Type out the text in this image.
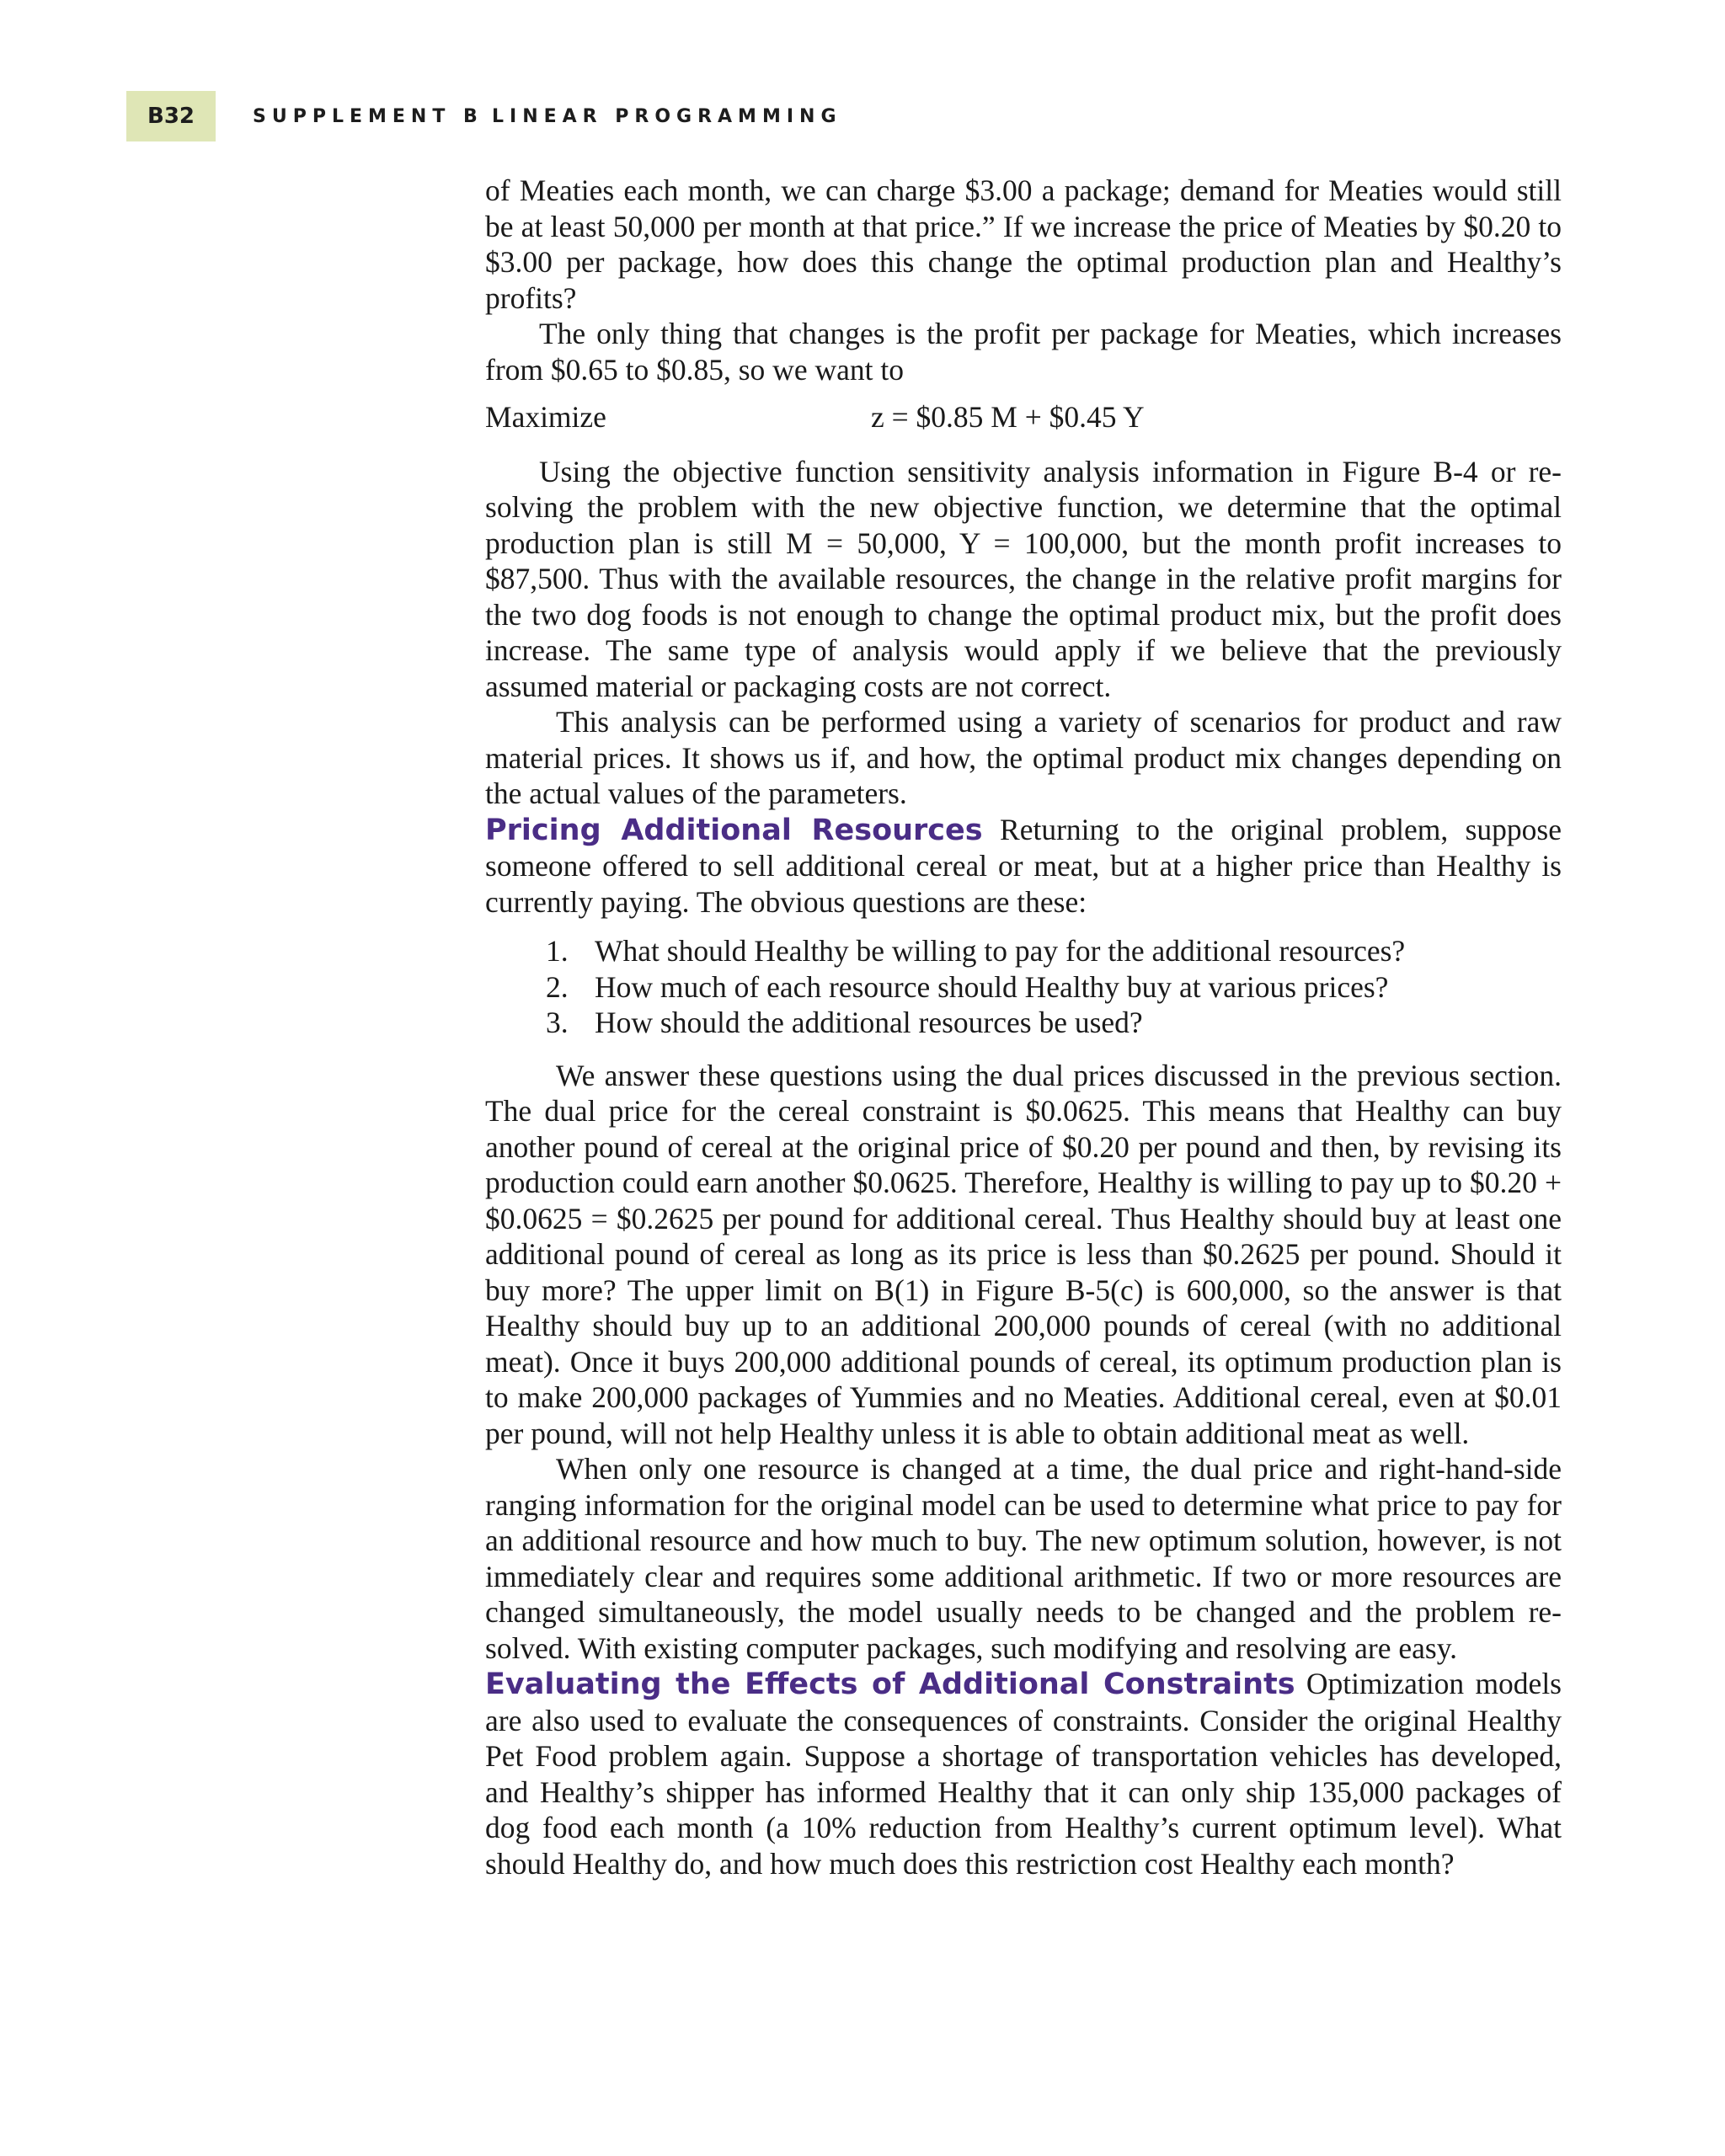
B32	SUPPLEMENT B LINEAR PROGRAMMING

of Meaties each month, we can charge $3.00 a package; demand for Meaties would still be at least 50,000 per month at that price.” If we increase the price of Meaties by $0.20 to $3.00 per package, how does this change the optimal production plan and Healthy’s profits?

The only thing that changes is the profit per package for Meaties, which increases from $0.65 to $0.85, so we want to

Maximize	z = $0.85 M + $0.45 Y

Using the objective function sensitivity analysis information in Figure B-4 or re-solving the problem with the new objective function, we determine that the optimal production plan is still M = 50,000, Y = 100,000, but the month profit increases to $87,500. Thus with the available resources, the change in the relative profit margins for the two dog foods is not enough to change the optimal product mix, but the profit does increase. The same type of analysis would apply if we believe that the previously assumed material or packaging costs are not correct.

This analysis can be performed using a variety of scenarios for product and raw material prices. It shows us if, and how, the optimal product mix changes depending on the actual values of the parameters.

Pricing Additional Resources Returning to the original problem, suppose someone offered to sell additional cereal or meat, but at a higher price than Healthy is currently paying. The obvious questions are these:

1. What should Healthy be willing to pay for the additional resources?
2. How much of each resource should Healthy buy at various prices?
3. How should the additional resources be used?

We answer these questions using the dual prices discussed in the previous section. The dual price for the cereal constraint is $0.0625. This means that Healthy can buy another pound of cereal at the original price of $0.20 per pound and then, by revising its production could earn another $0.0625. Therefore, Healthy is willing to pay up to $0.20 + $0.0625 = $0.2625 per pound for additional cereal. Thus Healthy should buy at least one additional pound of cereal as long as its price is less than $0.2625 per pound. Should it buy more? The upper limit on B(1) in Figure B-5(c) is 600,000, so the answer is that Healthy should buy up to an additional 200,000 pounds of cereal (with no additional meat). Once it buys 200,000 additional pounds of cereal, its optimum production plan is to make 200,000 packages of Yummies and no Meaties. Additional cereal, even at $0.01 per pound, will not help Healthy unless it is able to obtain additional meat as well.

When only one resource is changed at a time, the dual price and right-hand-side ranging information for the original model can be used to determine what price to pay for an additional resource and how much to buy. The new optimum solution, however, is not immediately clear and requires some additional arithmetic. If two or more resources are changed simultaneously, the model usually needs to be changed and the problem re-solved. With existing computer packages, such modifying and resolving are easy.

Evaluating the Effects of Additional Constraints Optimization models are also used to evaluate the consequences of constraints. Consider the original Healthy Pet Food problem again. Suppose a shortage of transportation vehicles has developed, and Healthy’s shipper has informed Healthy that it can only ship 135,000 packages of dog food each month (a 10% reduction from Healthy’s current optimum level). What should Healthy do, and how much does this restriction cost Healthy each month?
